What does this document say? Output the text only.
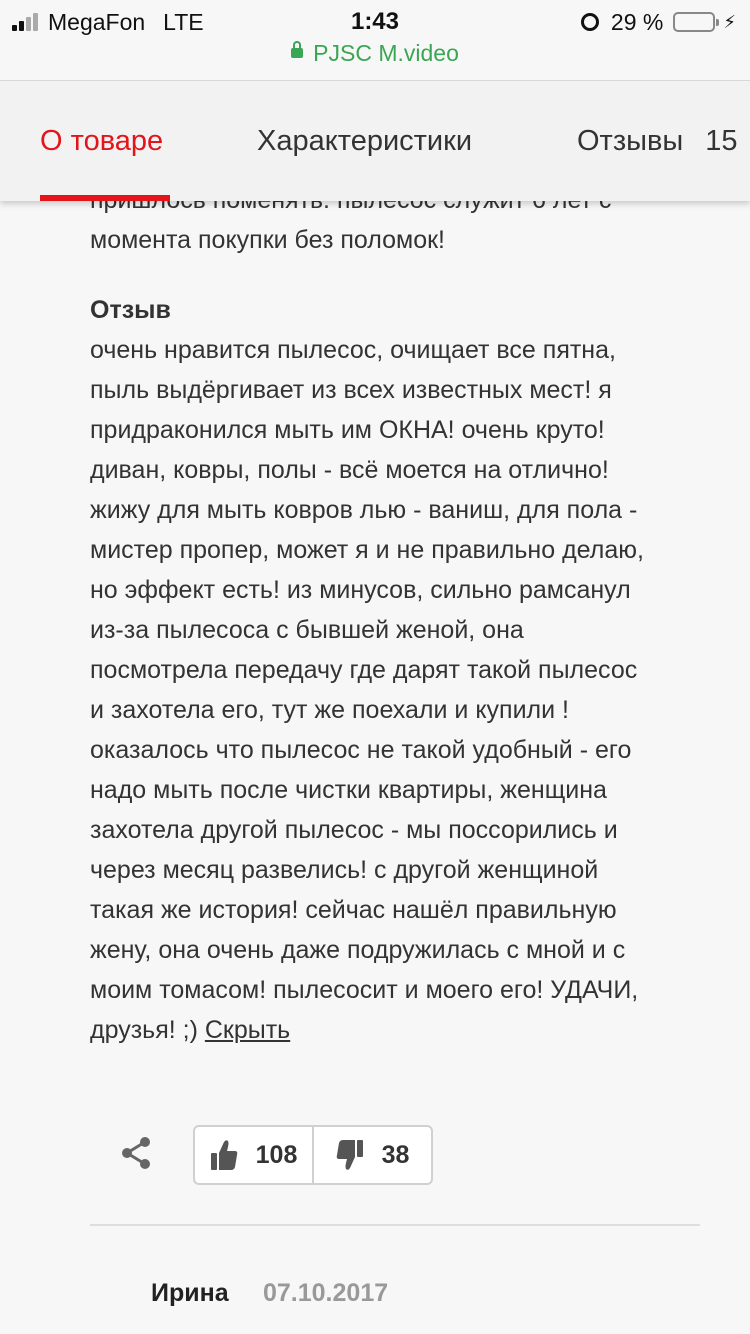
MegaFon LTE	1:43	29 %	⚡
PJSC M.video
О товаре	Характеристики	Отзывы 15
момента покупки без поломок!
Отзыв
очень нравится пылесос, очищает все пятна,
пыль выдёргивает из всех известных мест! я
придраконился мыть им ОКНА! очень круто!
диван, ковры, полы - всё моется на отлично!
жижу для мыть ковров лью - ваниш, для пола -
мистер пропер, может я и не правильно делаю,
но эффект есть! из минусов, сильно рамсанул
из-за пылесоса с бывшей женой, она
посмотрела передачу где дарят такой пылесос
и захотела его, тут же поехали и купили !
оказалось что пылесос не такой удобный - его
надо мыть после чистки квартиры, женщина
захотела другой пылесос - мы поссорились и
через месяц развелись! с другой женщиной
такая же история! сейчас нашёл правильную
жену, она очень даже подружилась с мной и с
моим томасом! пылесосит и моего его! УДАЧИ,
друзья! ;) Скрыть
108	38
Ирина 07.10.2017
